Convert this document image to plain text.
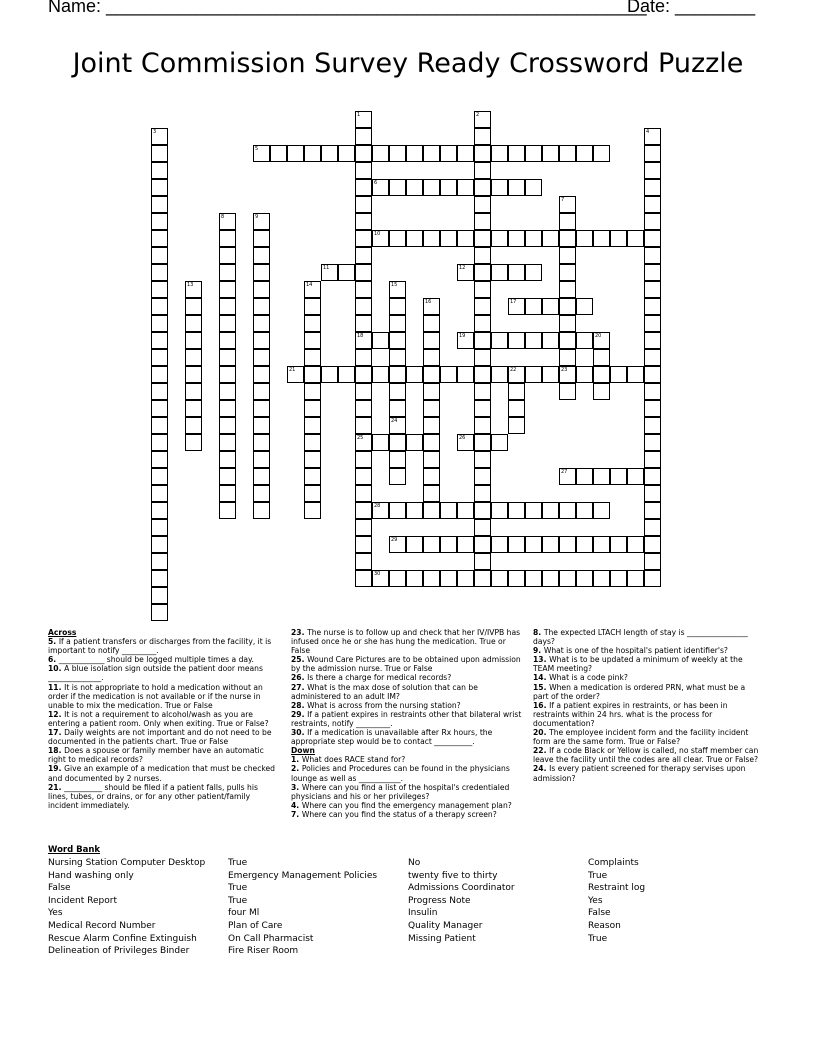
Name: ______________________________________________________
Date: ________
Joint Commission Survey Ready Crossword Puzzle
5
6
10
11	12
17
18	19
21
25	26
27
28
29
30
1	2
3	4
7
8	9
13	14	15
16
20
22	23
24
Across
5. If a patient transfers or discharges from the facility, it is important to notify _________.
6. ____________ should be logged multiple times a day.
10. A blue isolation sign outside the patient door means ______________.
11. It is not appropriate to hold a medication without an order if the medication is not available or if the nurse in unable to mix the medication. True or False
12. It is not a requirement to alcohol/wash as you are entering a patient room. Only when exiting. True or False?
17. Daily weights are not important and do not need to be documented in the patients chart. True or False
18. Does a spouse or family member have an automatic right to medical records?
19. Give an example of a medication that must be checked and documented by 2 nurses.
21. __________ should be filed if a patient falls, pulls his lines, tubes, or drains, or for any other patient/family incident immediately.
23. The nurse is to follow up and check that her IV/IVPB has infused once he or she has hung the medication. True or False
25. Wound Care Pictures are to be obtained upon admission by the admission nurse. True or False
26. Is there a charge for medical records?
27. What is the max dose of solution that can be administered to an adult IM?
28. What is across from the nursing station?
29. If a patient expires in restraints other that bilateral wrist restraints, notify _________.
30. If a medication is unavailable after Rx hours, the appropriate step would be to contact __________.
Down
1. What does RACE stand for?
2. Policies and Procedures can be found in the physicians lounge as well as ___________.
3. Where can you find a list of the hospital's credentialed physicians and his or her privileges?
4. Where can you find the emergency management plan?
7. Where can you find the status of a therapy screen?
8. The expected LTACH length of stay is ________________ days?
9. What is one of the hospital's patient identifier's?
13. What is to be updated a minimum of weekly at the TEAM meeting?
14. What is a code pink?
15. When a medication is ordered PRN, what must be a part of the order?
16. If a patient expires in restraints, or has been in restraints within 24 hrs. what is the process for documentation?
20. The employee incident form and the facility incident form are the same form. True or False?
22. If a code Black or Yellow is called, no staff member can leave the facility until the codes are all clear. True or False?
24. Is every patient screened for therapy servises upon admission?
Word Bank
Nursing Station Computer Desktop
Hand washing only
False
Incident Report
Yes
Medical Record Number
Rescue Alarm Confine Extinguish
Delineation of Privileges Binder
True
Emergency Management Policies
True
True
four Ml
Plan of Care
On Call Pharmacist
Fire Riser Room
No
twenty five to thirty
Admissions Coordinator
Progress Note
Insulin
Quality Manager
Missing Patient
Complaints
True
Restraint log
Yes
False
Reason
True
